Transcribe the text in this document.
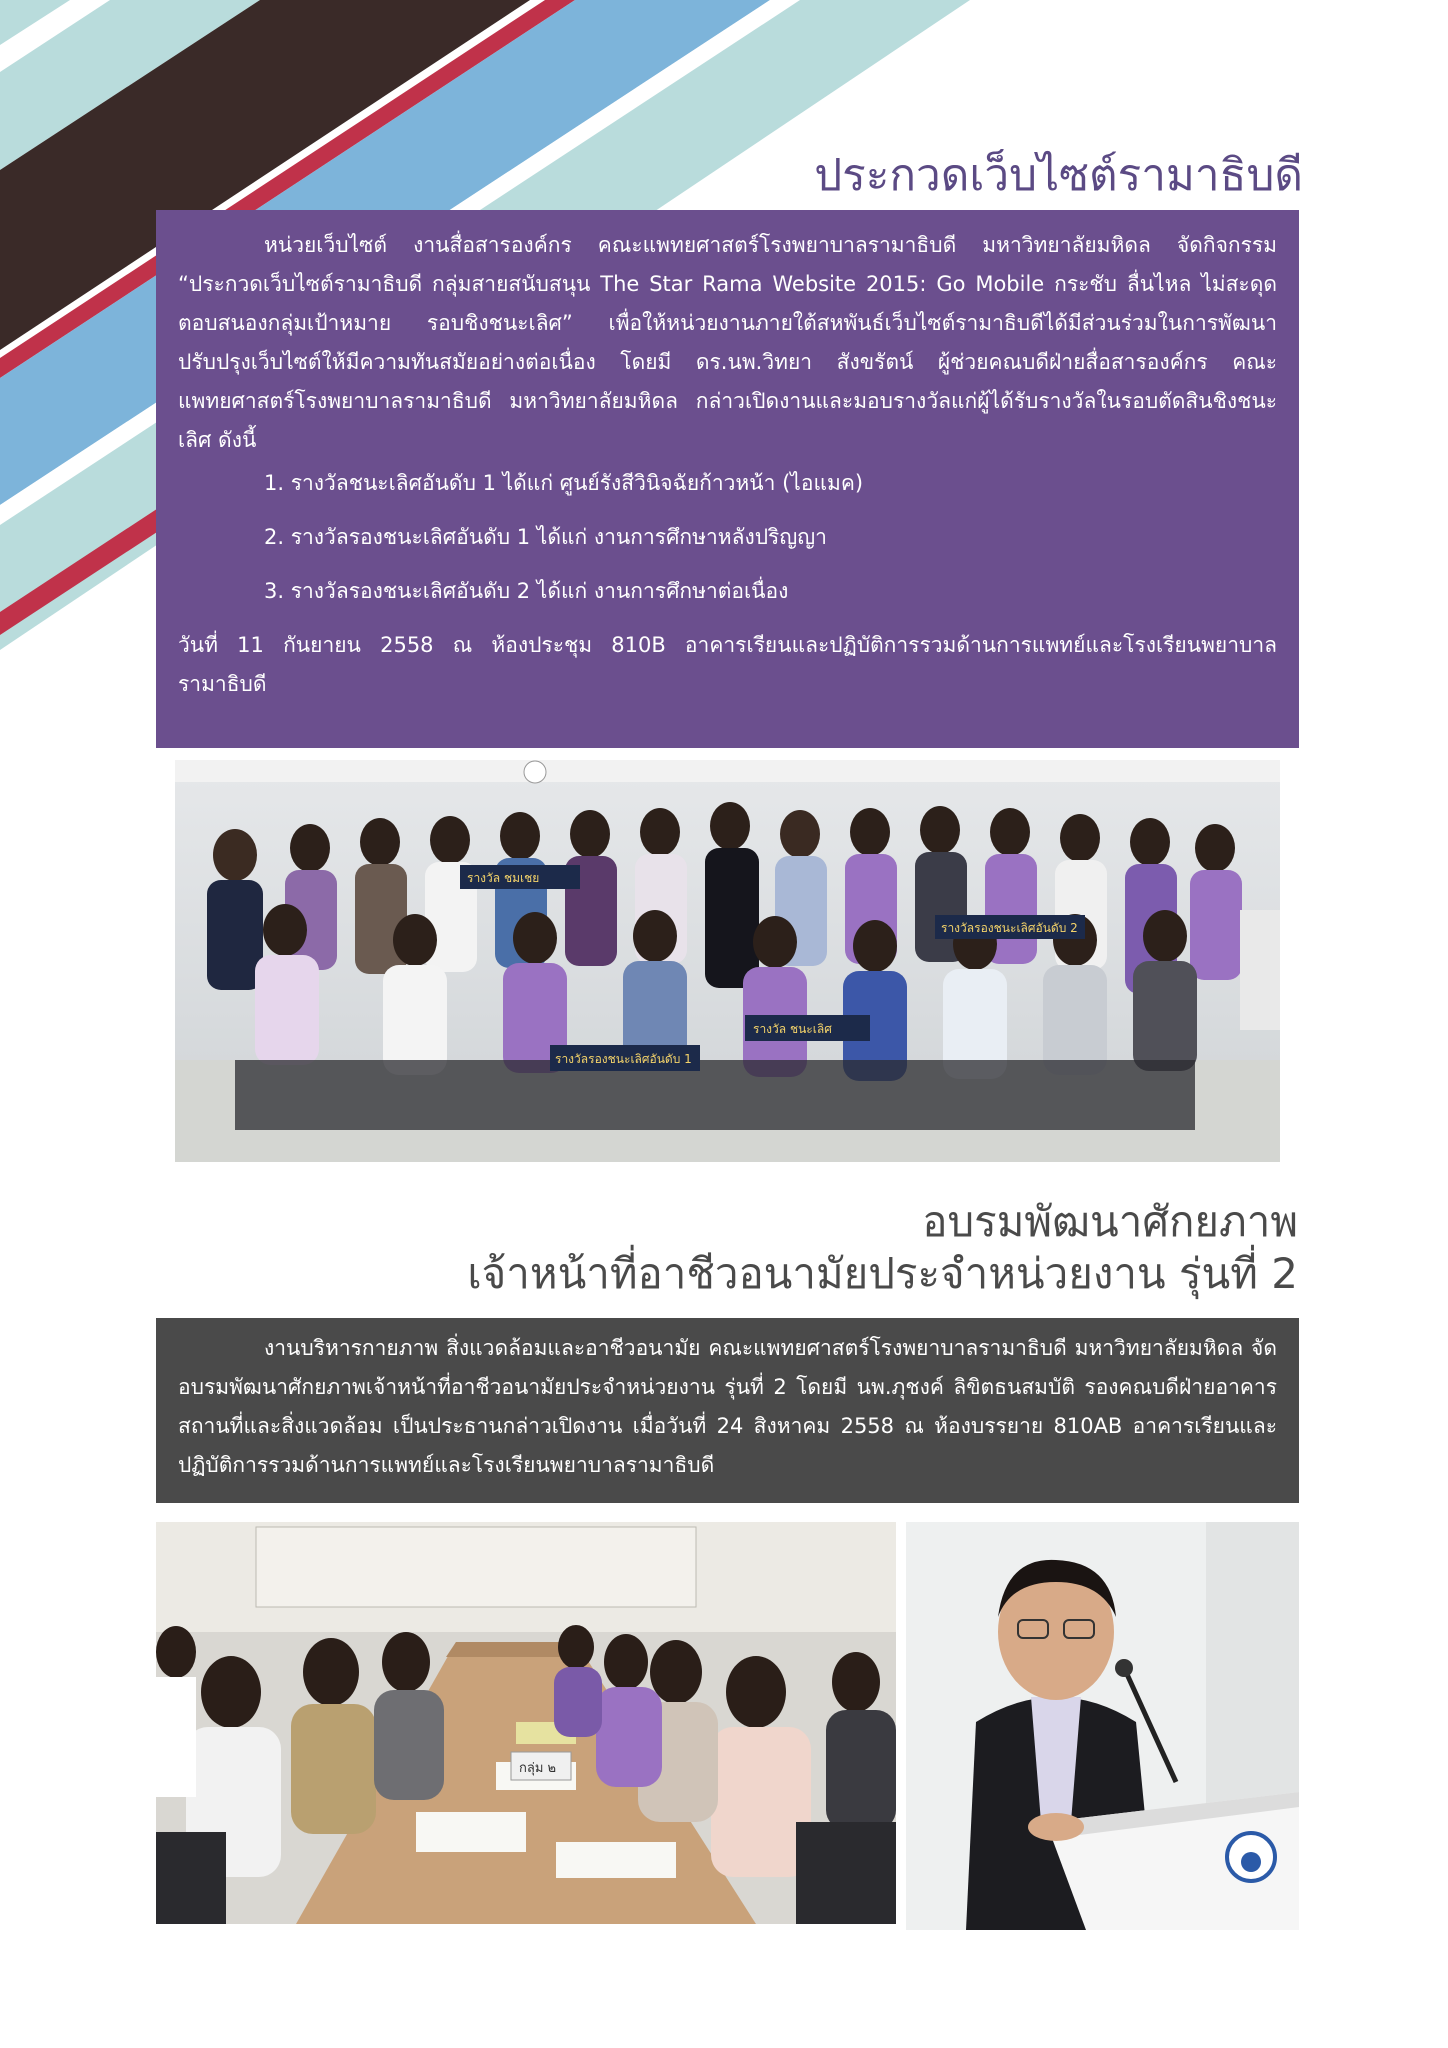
ประกวดเว็บไซต์รามาธิบดี

หน่วยเว็บไซต์ งานสื่อสารองค์กร คณะแพทยศาสตร์โรงพยาบาลรามาธิบดี มหาวิทยาลัยมหิดล จัดกิจกรรม “ประกวดเว็บไซต์รามาธิบดี กลุ่มสายสนับสนุน The Star Rama Website 2015: Go Mobile กระชับ ลื่นไหล ไม่สะดุด ตอบสนองกลุ่มเป้าหมาย รอบชิงชนะเลิศ” เพื่อให้หน่วยงานภายใต้สหพันธ์เว็บไซต์รามาธิบดีได้มีส่วนร่วมในการพัฒนาปรับปรุงเว็บไซต์ให้มีความทันสมัยอย่างต่อเนื่อง โดยมี ดร.นพ.วิทยา สังขรัตน์ ผู้ช่วยคณบดีฝ่ายสื่อสารองค์กร คณะแพทยศาสตร์โรงพยาบาลรามาธิบดี มหาวิทยาลัยมหิดล กล่าวเปิดงานและมอบรางวัลแก่ผู้ได้รับรางวัลในรอบตัดสินชิงชนะเลิศ ดังนี้

1. รางวัลชนะเลิศอันดับ 1 ได้แก่ ศูนย์รังสีวินิจฉัยก้าวหน้า (ไอแมค)
2. รางวัลรองชนะเลิศอันดับ 1 ได้แก่ งานการศึกษาหลังปริญญา
3. รางวัลรองชนะเลิศอันดับ 2 ได้แก่ งานการศึกษาต่อเนื่อง

วันที่ 11 กันยายน 2558 ณ ห้องประชุม 810B อาคารเรียนและปฏิบัติการรวมด้านการแพทย์และโรงเรียนพยาบาลรามาธิบดี

รางวัล ชมเชย
รางวัลรองชนะเลิศอันดับ 2
รางวัล ชนะเลิศ
รางวัลรองชนะเลิศอันดับ 1
อบรมพัฒนาศักยภาพ
เจ้าหน้าที่อาชีวอนามัยประจำหน่วยงาน รุ่นที่ 2

งานบริหารกายภาพ สิ่งแวดล้อมและอาชีวอนามัย คณะแพทยศาสตร์โรงพยาบาลรามาธิบดี มหาวิทยาลัยมหิดล จัดอบรมพัฒนาศักยภาพเจ้าหน้าที่อาชีวอนามัยประจำหน่วยงาน รุ่นที่ 2 โดยมี นพ.ภุชงค์ ลิขิตธนสมบัติ รองคณบดีฝ่ายอาคารสถานที่และสิ่งแวดล้อม เป็นประธานกล่าวเปิดงาน เมื่อวันที่ 24 สิงหาคม 2558 ณ ห้องบรรยาย 810AB อาคารเรียนและปฏิบัติการรวมด้านการแพทย์และโรงเรียนพยาบาลรามาธิบดี

กลุ่ม ๒
